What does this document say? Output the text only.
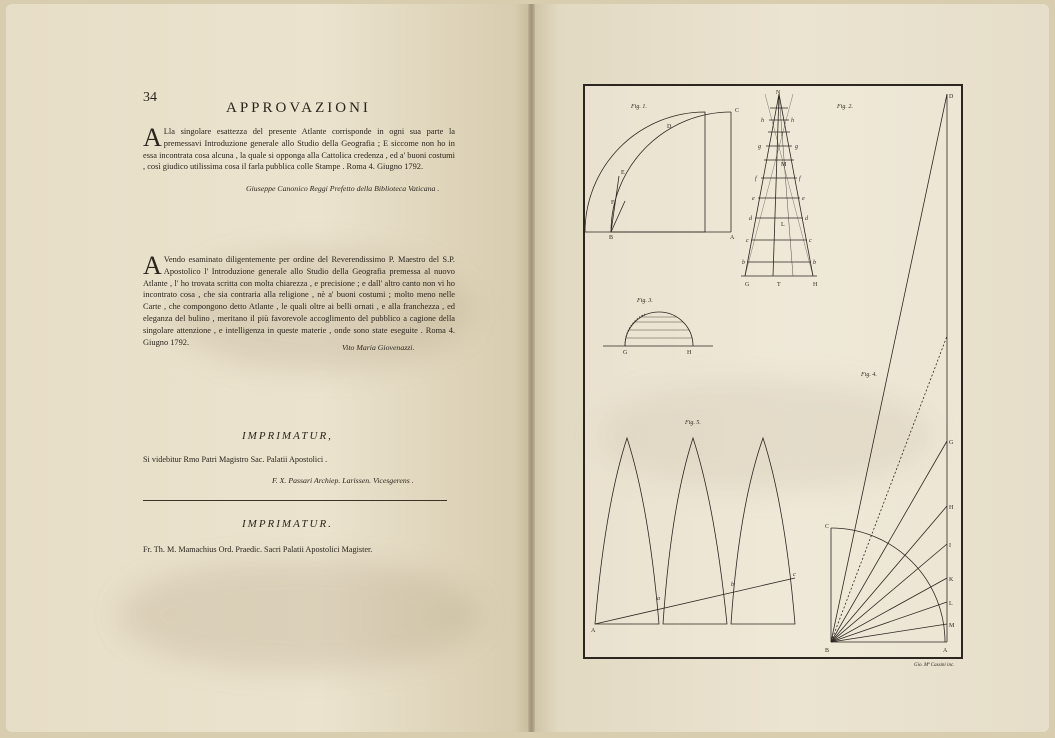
34
APPROVAZIONI
A Lla singolare esattezza del presente Atlante corrisponde in ogni sua parte la premessavi Introduzione generale allo Studio della Geografia ; E siccome non ho in essa incontrata cosa alcuna , la quale si opponga alla Cattolica credenza , ed a' buoni costumi , così giudico utilissima cosa il farla pubblica colle Stampe . Roma 4. Giugno 1792.
Giuseppe Canonico Reggi Prefetto della Biblioteca Vaticana .
A Vendo esaminato diligentemente per ordine del Reverendissimo P. Maestro del S.P. Apostolico l' Introduzione generale allo Studio della Geografia premessa al nuovo Atlante , l' ho trovata scritta con molta chiarezza , e precisione ; e dall' altro canto non vi ho incontrato cosa , che sia contraria alla religione , nè a' buoni costumi ; molto meno nelle Carte , che compongono detto Atlante , le quali oltre ai belli ornati , e alla franchezza , ed eleganza del bulino , meritano il più favorevole accoglimento del pubblico a cagione della singolare attenzione , e intelligenza in queste materie , onde sono state eseguite . Roma 4. Giugno 1792.
Vito Maria Giovenazzi.
IMPRIMATUR,
Si videbitur Rmo Patri Magistro Sac. Palatii Apostolici .
F. X. Passari Archiep. Larissen. Vicesgerens .
IMPRIMATUR.
Fr. Th. M. Mamachius Ord. Praedic. Sacri Palatii Apostolici Magister.
Fig. 1.
C
D
E
F
B	A
Fig. 2.
N
I
M
L
G	T	H
h
g
f
e
d
c
b
h
g
f
e
d
c
b
Fig. 3.
G	H
Fig. 4.
D
G
H
I
K
L
M
A
C
B
Fig. 5.
A
a
b
c
Gio. Mª Cassini inc.
